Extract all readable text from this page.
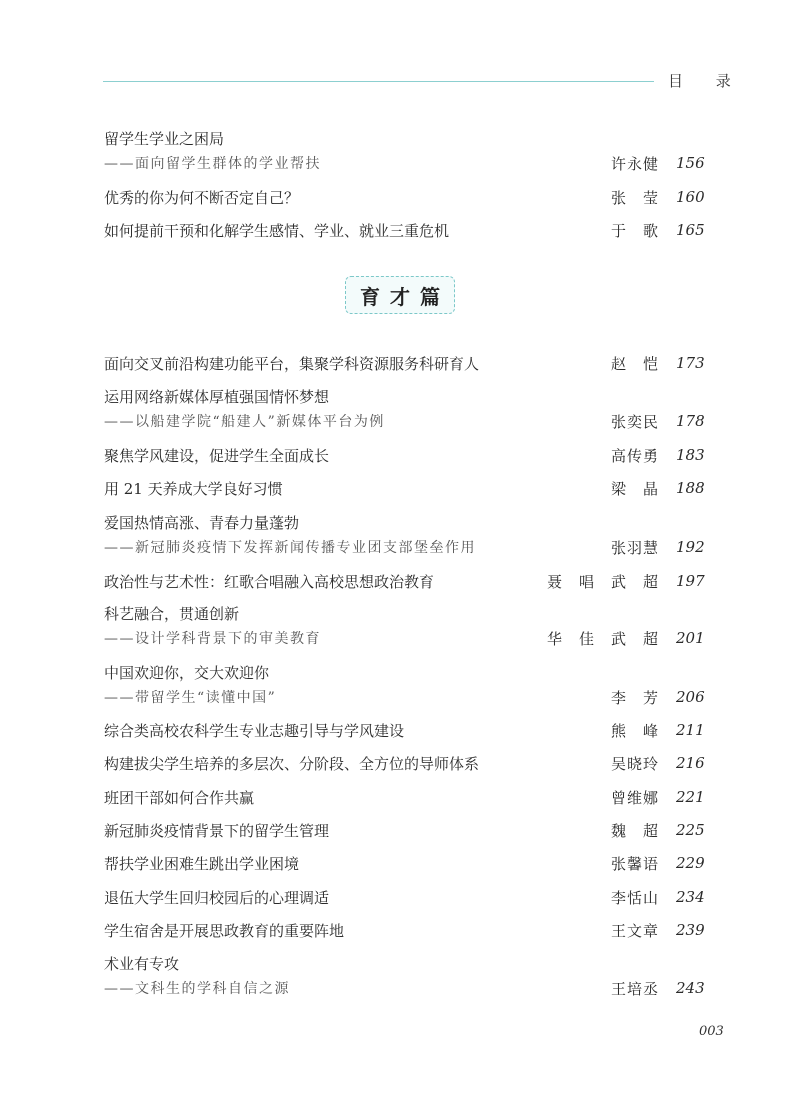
目 录
留学生学业之困局
——面向留学生群体的学业帮扶	许永健 156
优秀的你为何不断否定自己？	张　莹 160
如何提前干预和化解学生感情、学业、就业三重危机	于　歌 165
育才篇
面向交叉前沿构建功能平台，集聚学科资源服务科研育人	赵　恺 173
运用网络新媒体厚植强国情怀梦想
——以船建学院“船建人”新媒体平台为例	张奕民 178
聚焦学风建设，促进学生全面成长	高传勇 183
用 21 天养成大学良好习惯	梁　晶 188
爱国热情高涨、青春力量蓬勃
——新冠肺炎疫情下发挥新闻传播专业团支部堡垒作用	张羽慧 192
政治性与艺术性：红歌合唱融入高校思想政治教育	聂　唱 武　超 197
科艺融合，贯通创新
——设计学科背景下的审美教育	华　佳 武　超 201
中国欢迎你，交大欢迎你
——带留学生“读懂中国”	李　芳 206
综合类高校农科学生专业志趣引导与学风建设	熊　峰 211
构建拔尖学生培养的多层次、分阶段、全方位的导师体系	吴晓玲 216
班团干部如何合作共赢	曾维娜 221
新冠肺炎疫情背景下的留学生管理	魏　超 225
帮扶学业困难生跳出学业困境	张馨语 229
退伍大学生回归校园后的心理调适	李恬山 234
学生宿舍是开展思政教育的重要阵地	王文章 239
术业有专攻
——文科生的学科自信之源	王培丞 243
003
